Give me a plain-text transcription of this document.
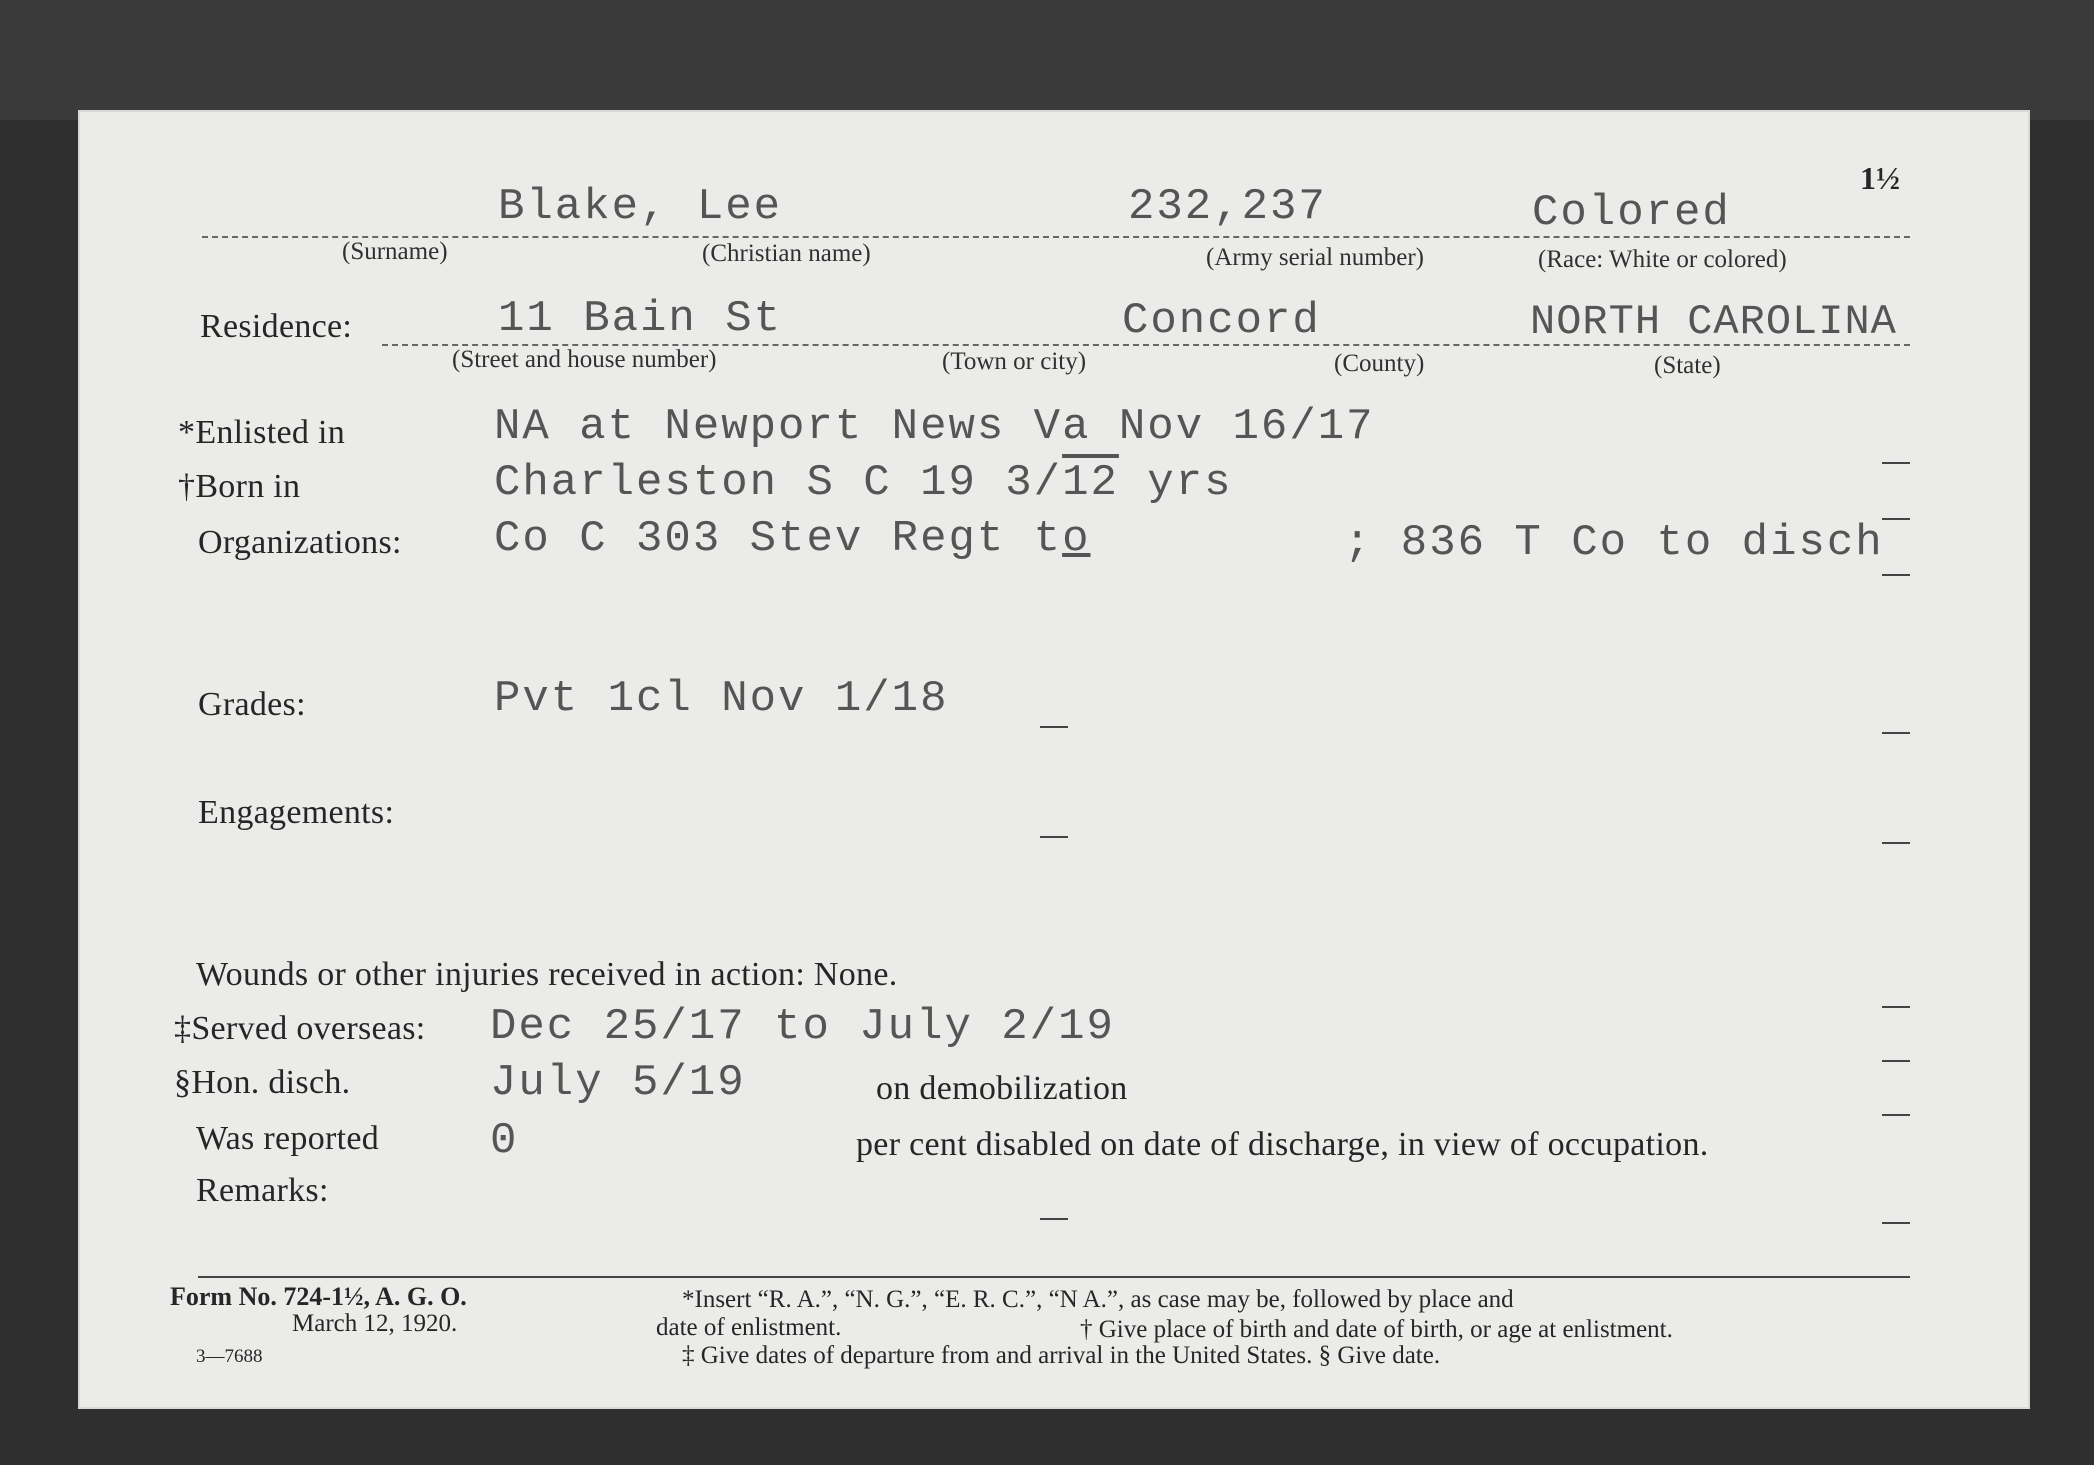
1½
Blake, Lee	232,237	Colored
(Surname)	(Christian name)	(Army serial number)	(Race: White or colored)
Residence:	11 Bain St	Concord	NORTH CAROLINA
(Street and house number)	(Town or city)	(County)	(State)
*Enlisted in	NA at Newport News Va Nov 16/17
†Born in	Charleston S C 19 3/12 yrs
Organizations: Co C 303 Stev Regt to	; 836 T Co to disch
Grades:	Pvt 1cl Nov 1/18
Engagements:
Wounds or other injuries received in action: None.
‡Served overseas: Dec 25/17 to July 2/19
§Hon. disch.	July 5/19	on demobilization
Was reported	0	per cent disabled on date of discharge, in view of occupation.
Remarks:
Form No. 724-1½, A. G. O.
March 12, 1920.
3—7688
*Insert “R. A.”, “N. G.”, “E. R. C.”, “N A.”, as case may be, followed by place and
date of enlistment.	† Give place of birth and date of birth, or age at enlistment.
‡ Give dates of departure from and arrival in the United States. § Give date.
